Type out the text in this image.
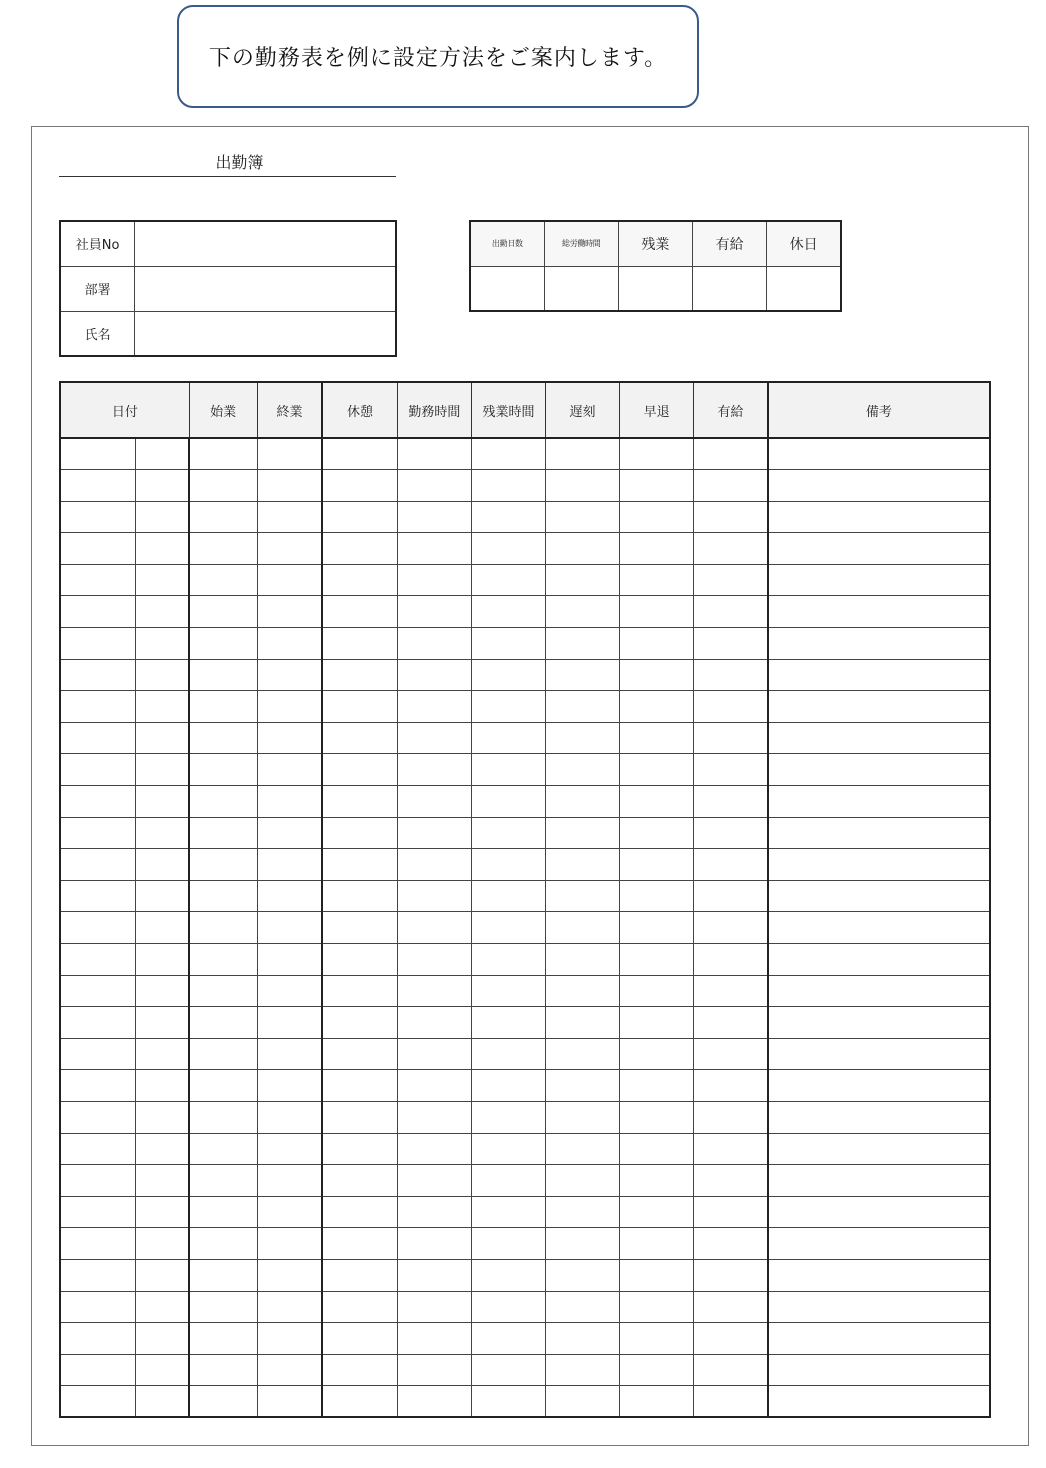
下の勤務表を例に設定方法をご案内します。
出勤簿
社員No	
部署	
氏名	
出勤日数	総労働時間	残業	有給	休日

日付		始業	終業	休憩	勤務時間	残業時間	遅刻	早退	有給	備考
